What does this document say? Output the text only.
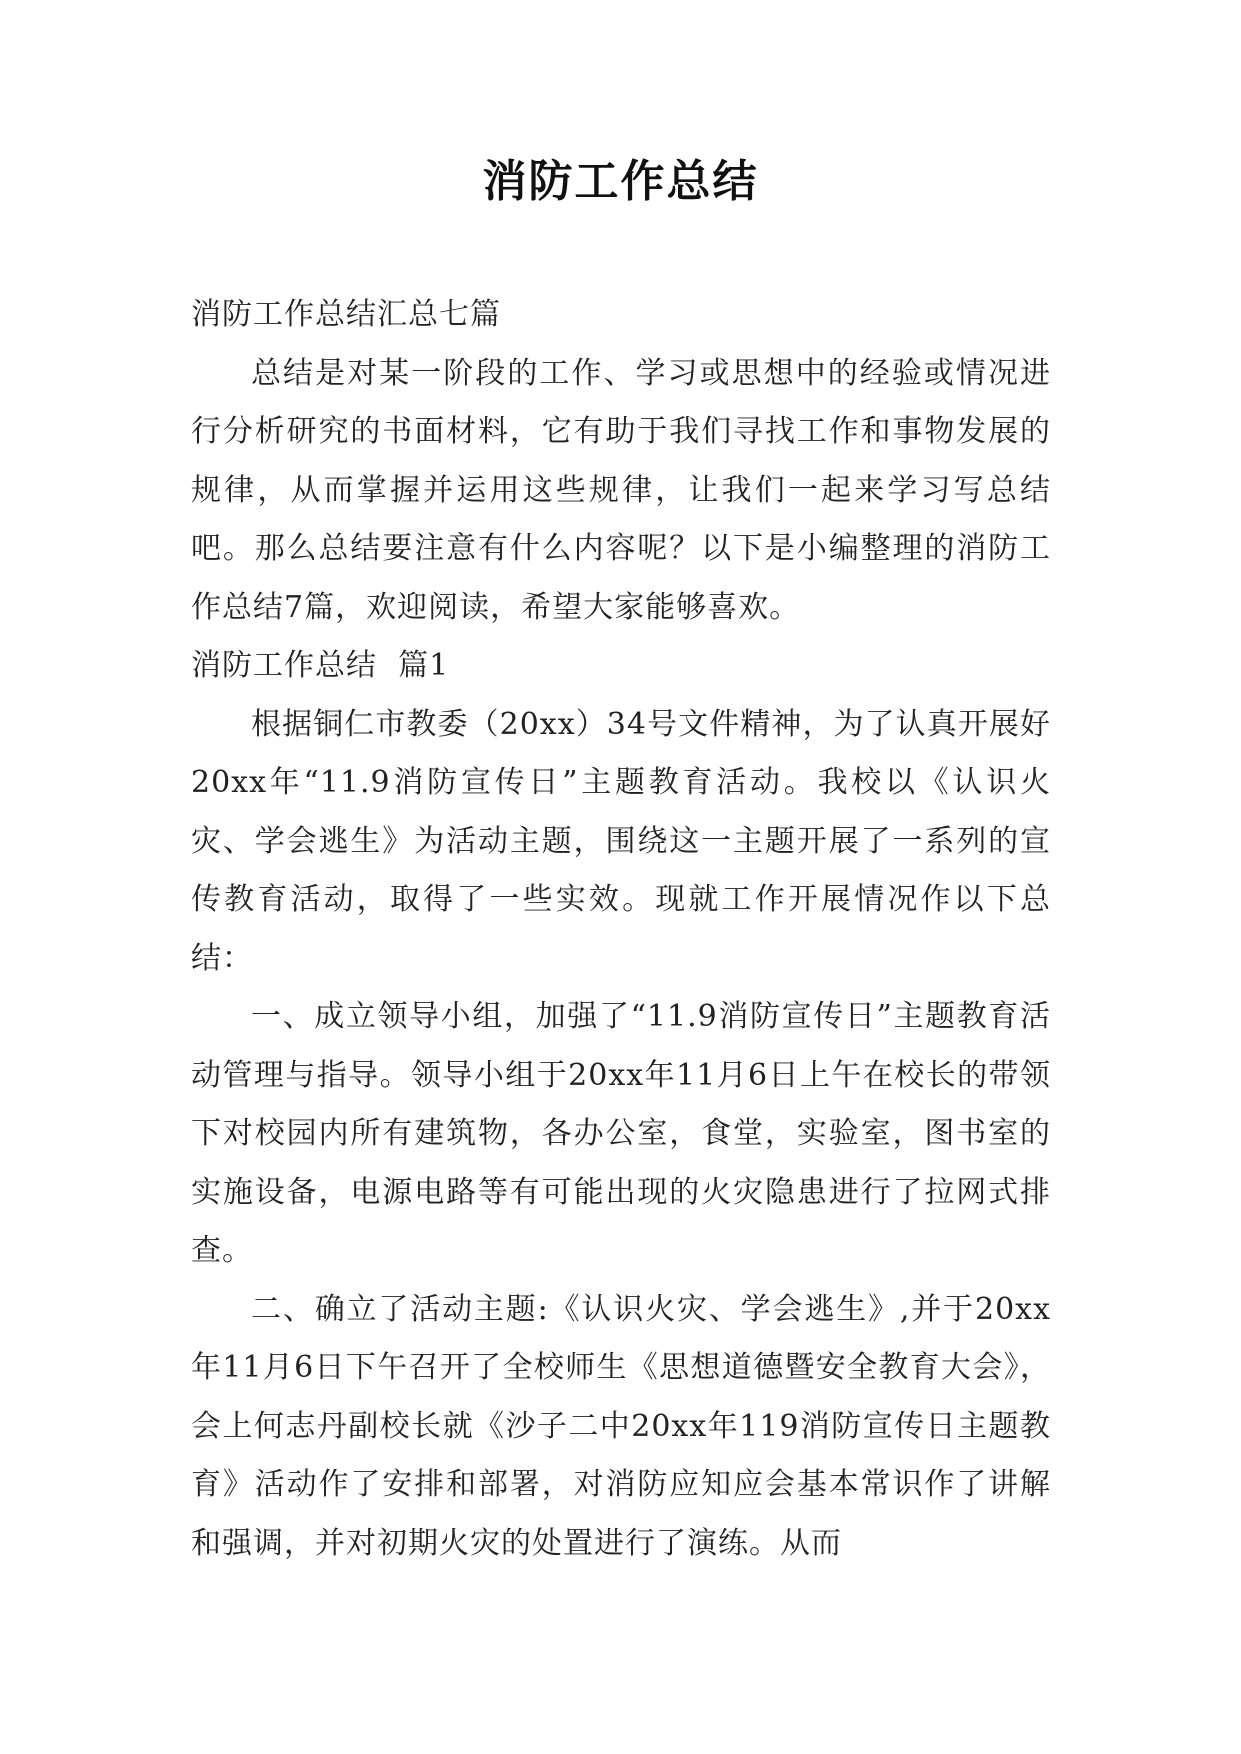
消防工作总结

消防工作总结汇总七篇

总结是对某一阶段的工作、学习或思想中的经验或情况进行分析研究的书面材料，它有助于我们寻找工作和事物发展的规律，从而掌握并运用这些规律，让我们一起来学习写总结吧。那么总结要注意有什么内容呢？以下是小编整理的消防工作总结7篇，欢迎阅读，希望大家能够喜欢。

消防工作总结  篇1

根据铜仁市教委（20xx）34号文件精神，为了认真开展好20xx年“11.9消防宣传日”主题教育活动。我校以《认识火灾、学会逃生》为活动主题，围绕这一主题开展了一系列的宣传教育活动，取得了一些实效。现就工作开展情况作以下总结：

一、成立领导小组，加强了“11.9消防宣传日”主题教育活动管理与指导。领导小组于20xx年11月6日上午在校长的带领下对校园内所有建筑物，各办公室，食堂，实验室，图书室的实施设备，电源电路等有可能出现的火灾隐患进行了拉网式排查。

二、确立了活动主题:《认识火灾、学会逃生》,并于20xx年11月6日下午召开了全校师生《思想道德暨安全教育大会》，会上何志丹副校长就《沙子二中20xx年119消防宣传日主题教育》活动作了安排和部署，对消防应知应会基本常识作了讲解和强调，并对初期火灾的处置进行了演练。从而
